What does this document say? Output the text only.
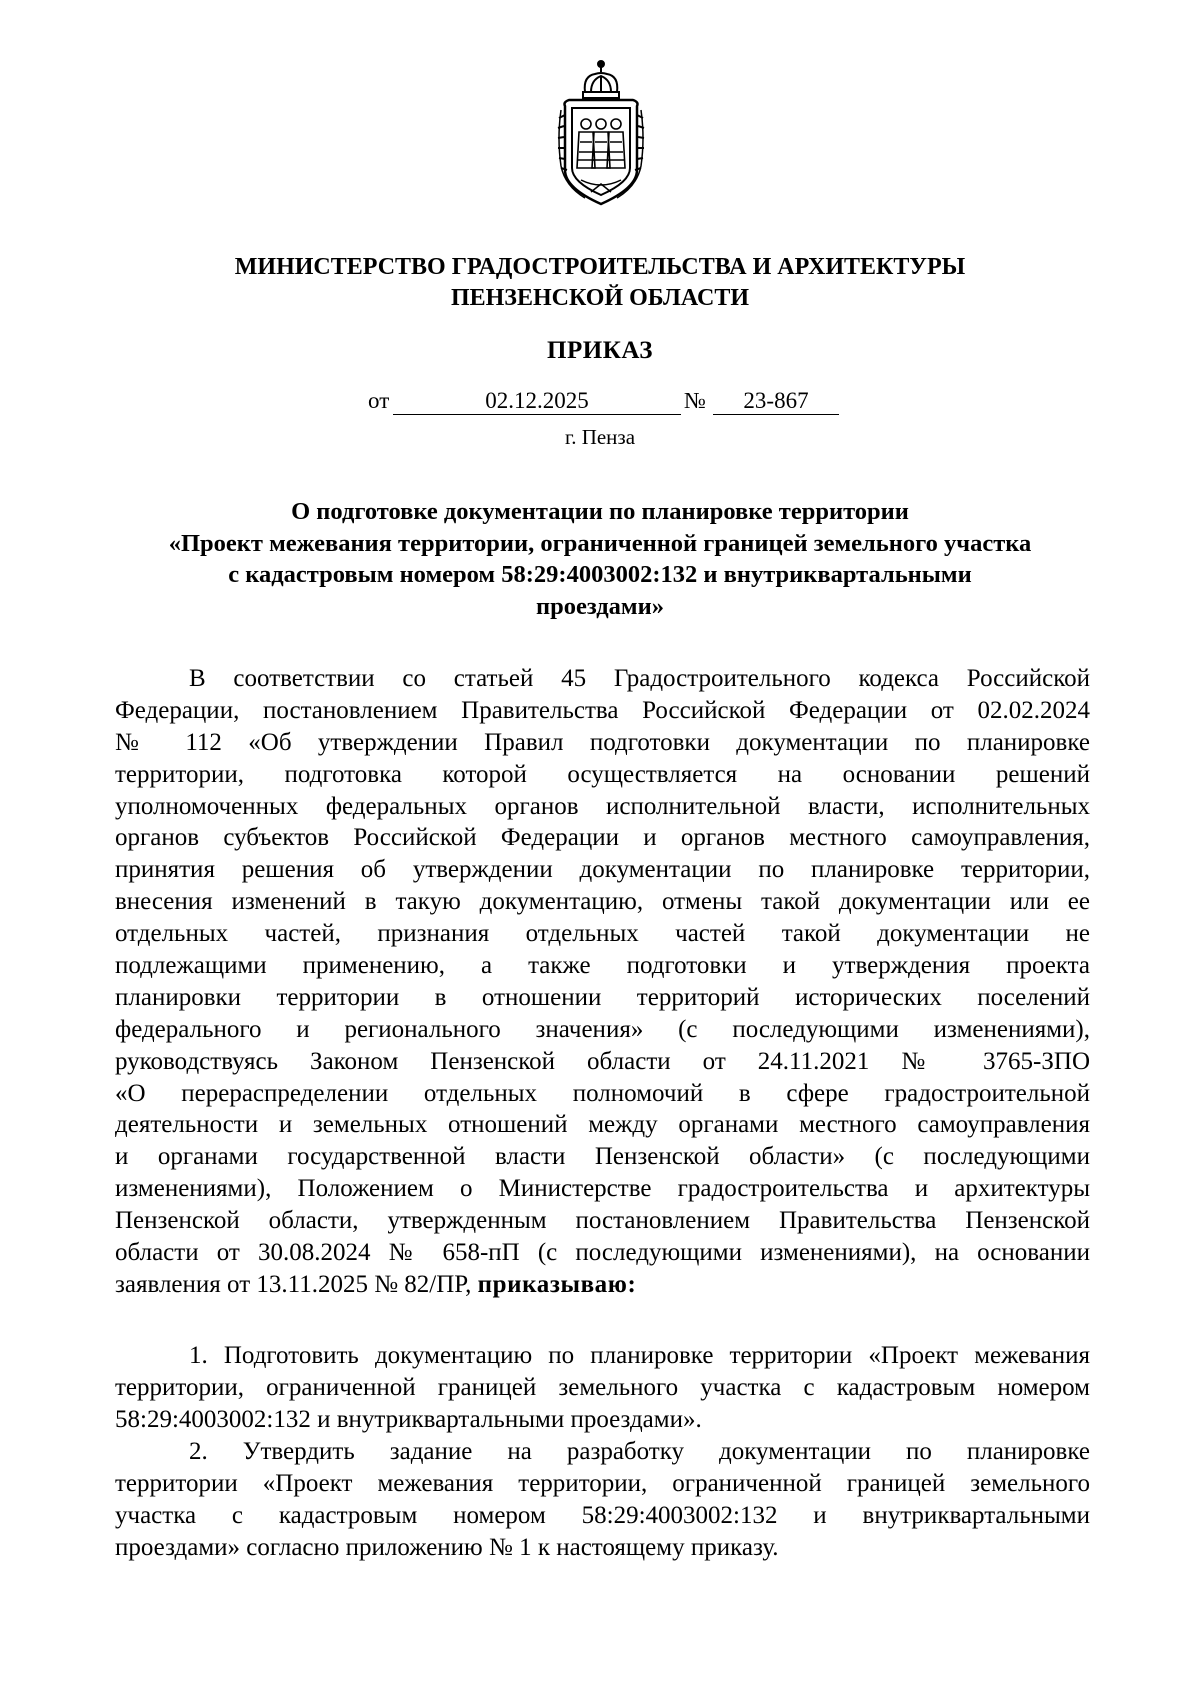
МИНИСТЕРСТВО ГРАДОСТРОИТЕЛЬСТВА И АРХИТЕКТУРЫ
ПЕНЗЕНСКОЙ ОБЛАСТИ
ПРИКАЗ
от	02.12.2025	№	23-867
г. Пенза
О подготовке документации по планировке территории
«Проект межевания территории, ограниченной границей земельного участка
с кадастровым номером 58:29:4003002:132 и внутриквартальными
проездами»
В соответствии со статьей 45 Градостроительного кодекса Российской
Федерации, постановлением Правительства Российской Федерации от 02.02.2024
№ 112 «Об утверждении Правил подготовки документации по планировке
территории, подготовка которой осуществляется на основании решений
уполномоченных федеральных органов исполнительной власти, исполнительных
органов субъектов Российской Федерации и органов местного самоуправления,
принятия решения об утверждении документации по планировке территории,
внесения изменений в такую документацию, отмены такой документации или ее
отдельных частей, признания отдельных частей такой документации не
подлежащими применению, а также подготовки и утверждения проекта
планировки территории в отношении территорий исторических поселений
федерального и регионального значения» (с последующими изменениями),
руководствуясь Законом Пензенской области от 24.11.2021 № 3765-ЗПО
«О перераспределении отдельных полномочий в сфере градостроительной
деятельности и земельных отношений между органами местного самоуправления
и органами государственной власти Пензенской области» (с последующими
изменениями), Положением о Министерстве градостроительства и архитектуры
Пензенской области, утвержденным постановлением Правительства Пензенской
области от 30.08.2024 № 658-пП (с последующими изменениями), на основании
заявления от 13.11.2025 № 82/ПР, приказываю:
1. Подготовить документацию по планировке территории «Проект межевания
территории, ограниченной границей земельного участка с кадастровым номером
58:29:4003002:132 и внутриквартальными проездами».
2. Утвердить задание на разработку документации по планировке
территории «Проект межевания территории, ограниченной границей земельного
участка с кадастровым номером 58:29:4003002:132 и внутриквартальными
проездами» согласно приложению № 1 к настоящему приказу.
